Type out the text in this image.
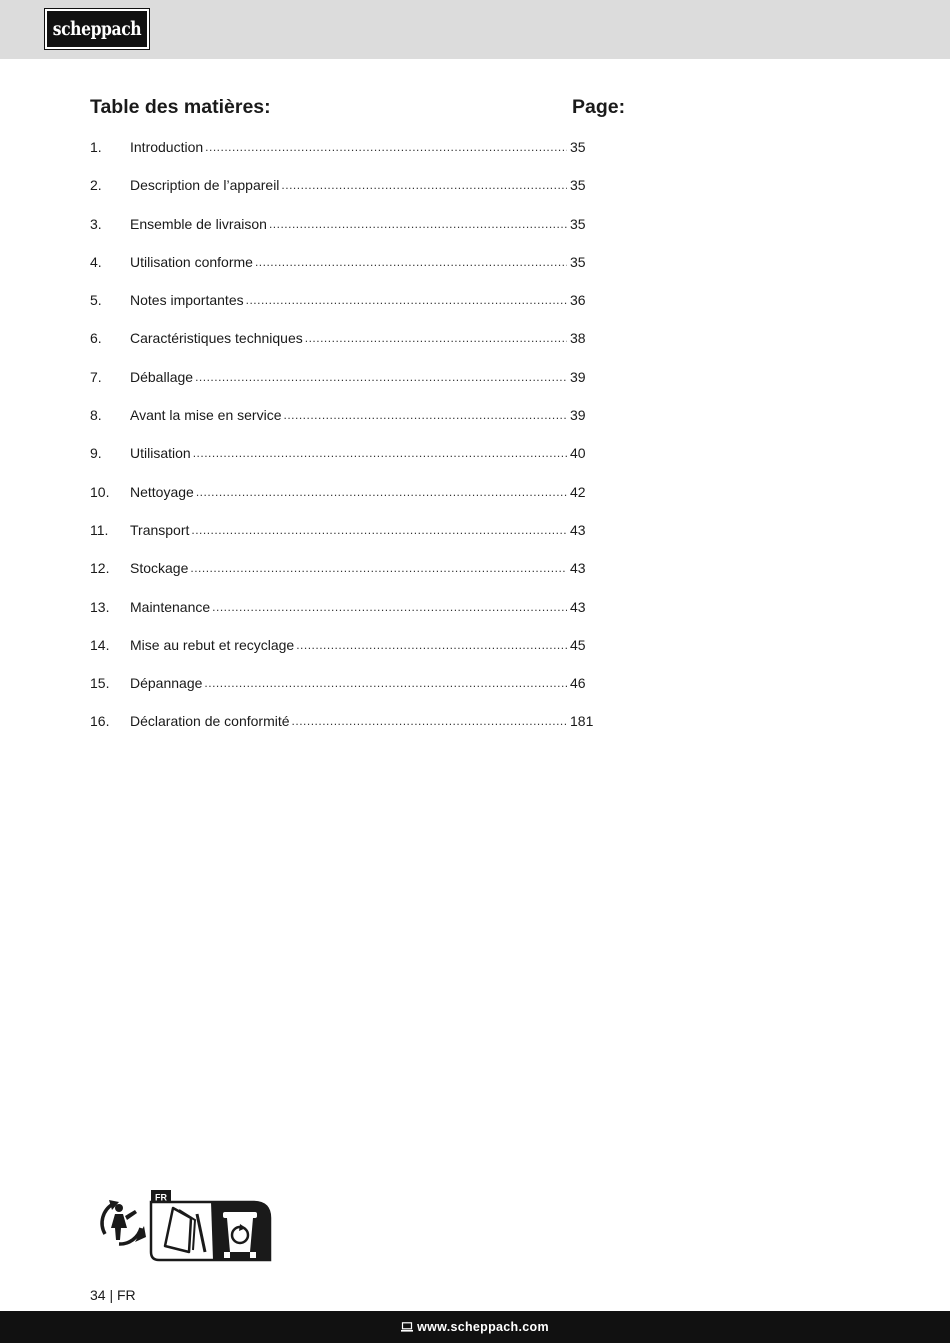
scheppach
Table des matières:	Page:
1.	Introduction .....	35
2.	Description de l’appareil .....	35
3.	Ensemble de livraison .....	35
4.	Utilisation conforme .....	35
5.	Notes importantes .....	36
6.	Caractéristiques techniques .....	38
7.	Déballage .....	39
8.	Avant la mise en service .....	39
9.	Utilisation .....	40
10.	Nettoyage .....	42
11.	Transport .....	43
12.	Stockage .....	43
13.	Maintenance .....	43
14.	Mise au rebut et recyclage .....	45
15.	Dépannage .....	46
16.	Déclaration de conformité .....	181
FR
34 | FR
www.scheppach.com
